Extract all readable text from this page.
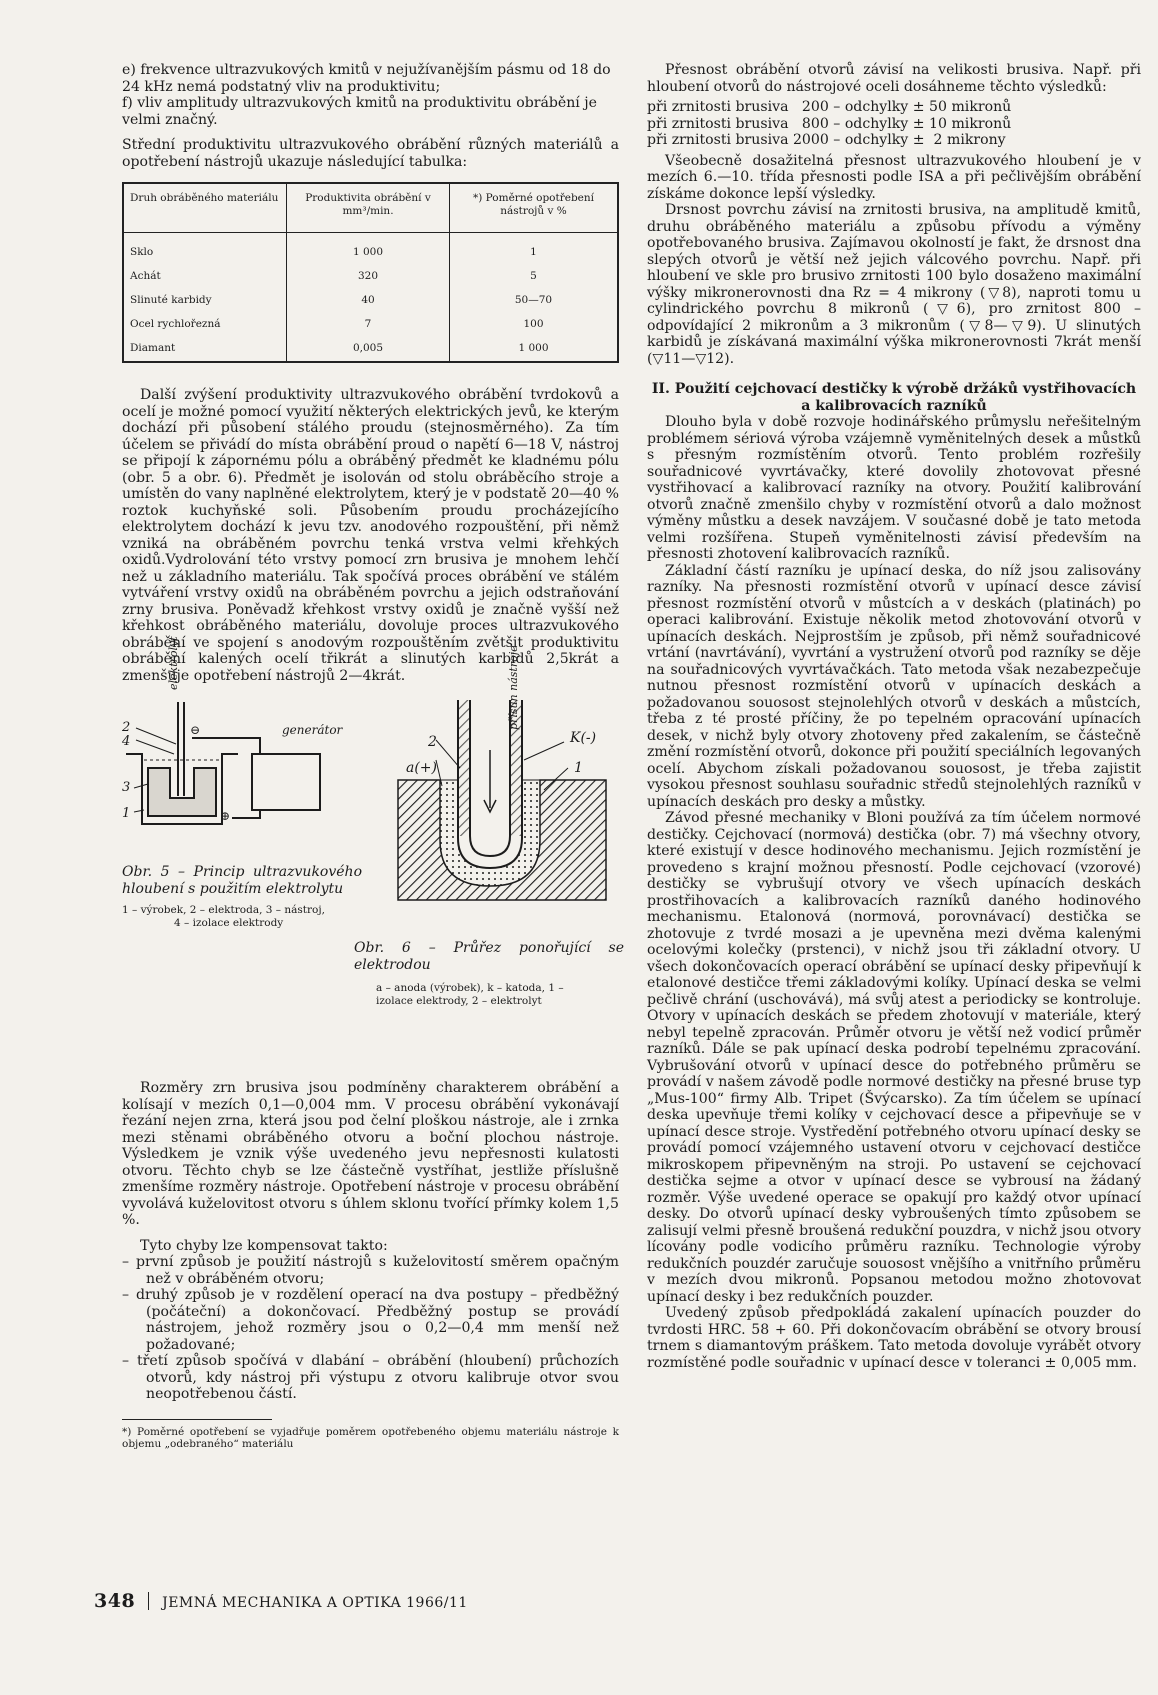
e) frekvence ultrazvukových kmitů v nejužívanějším pásmu od 18 do 24 kHz nemá podstatný vliv na produktivitu;

f) vliv amplitudy ultrazvukových kmitů na produktivitu obrábění je velmi značný.

Střední produktivitu ultrazvukového obrábění různých materiálů a opotřebení nástrojů ukazuje následující tabulka:

Druh obráběného materiálu	Produktivita obrábění v mm³/min.	*) Poměrné opotřebení nástrojů v %
Sklo	1 000	1
Achát	320	5
Slinuté karbidy	40	50—70
Ocel rychlořezná	7	100
Diamant	0,005	1 000

Další zvýšení produktivity ultrazvukového obrábění tvrdokovů a ocelí je možné pomocí využití některých elektrických jevů, ke kterým dochází při působení stálého proudu (stejnosměrného). Za tím účelem se přivádí do místa obrábění proud o napětí 6—18 V, nástroj se připojí k zápornému pólu a obráběný předmět ke kladnému pólu (obr. 5 a obr. 6). Předmět je isolován od stolu obráběcího stroje a umístěn do vany naplněné elektrolytem, který je v podstatě 20—40 % roztok kuchyňské soli. Působením proudu procházejícího elektrolytem dochází k jevu tzv. anodového rozpouštění, při němž vzniká na obráběném povrchu tenká vrstva velmi křehkých oxidů.Vydrolování této vrstvy pomocí zrn brusiva je mnohem lehčí než u základního materiálu. Tak spočívá proces obrábění ve stálém vytváření vrstvy oxidů na obráběném povrchu a jejich odstraňování zrny brusiva. Poněvadž křehkost vrstvy oxidů je značně vyšší než křehkost obráběného materiálu, dovoluje proces ultrazvukového obrábění ve spojení s anodovým rozpouštěním zvětšit produktivitu obrábění kalených ocelí třikrát a slinutých karbidů 2,5krát a zmenšuje opotřebení nástrojů 2—4krát.

elektrolyt
generátor
⊖
⊕
2
4
3
1
Obr. 5 – Princip ultrazvukového hloubení s použitím elektrolytu
1 – výrobek, 2 – elektroda, 3 – nástroj,
4 – izolace elektrody
přísun nástroje
a(+)
K(-)
2
1
Obr. 6 – Průřez ponořující se elektrodou
a – anoda (výrobek), k – katoda, 1 –
izolace elektrody, 2 – elektrolyt

Rozměry zrn brusiva jsou podmíněny charakterem obrábění a kolísají v mezích 0,1—0,004 mm. V procesu obrábění vykonávají řezání nejen zrna, která jsou pod čelní ploškou nástroje, ale i zrnka mezi stěnami obráběného otvoru a boční plochou nástroje. Výsledkem je vznik výše uvedeného jevu nepřesnosti kulatosti otvoru. Těchto chyb se lze částečně vystříhat, jestliže příslušně zmenšíme rozměry nástroje. Opotřebení nástroje v procesu obrábění vyvolává kuželovitost otvoru s úhlem sklonu tvořící přímky kolem 1,5 %.

Tyto chyby lze kompensovat takto:

– první způsob je použití nástrojů s kuželovitostí směrem opačným než v obráběném otvoru;

– druhý způsob je v rozdělení operací na dva postupy – předběžný (počáteční) a dokončovací. Předběžný postup se provádí nástrojem, jehož rozměry jsou o 0,2—0,4 mm menší než požadované;

– třetí způsob spočívá v dlabání – obrábění (hloubení) průchozích otvorů, kdy nástroj při výstupu z otvoru kalibruje otvor svou neopotřebenou částí.

*) Poměrné opotřebení se vyjadřuje poměrem opotřebeného objemu materiálu nástroje k objemu „odebraného“ materiálu

Přesnost obrábění otvorů závisí na velikosti brusiva. Např. při hloubení otvorů do nástrojové oceli dosáhneme těchto výsledků:

při zrnitosti brusiva   200 – odchylky ± 50 mikronů

při zrnitosti brusiva   800 – odchylky ± 10 mikronů

při zrnitosti brusiva 2000 – odchylky ±  2 mikrony

Všeobecně dosažitelná přesnost ultrazvukového hloubení je v mezích 6.—10. třída přesnosti podle ISA a při pečlivějším obrábění získáme dokonce lepší výsledky.

Drsnost povrchu závisí na zrnitosti brusiva, na amplitudě kmitů, druhu obráběného materiálu a způsobu přívodu a výměny opotřebovaného brusiva. Zajímavou okolností je fakt, že drsnost dna slepých otvorů je větší než jejich válcového povrchu. Např. při hloubení ve skle pro brusivo zrnitosti 100 bylo dosaženo maximální výšky mikronerovnosti dna Rz = 4 mikrony (▽8), naproti tomu u cylindrického povrchu 8 mikronů (▽6), pro zrnitost 800 – odpovídající 2 mikronům a 3 mikronům (▽8—▽9). U slinutých karbidů je získávaná maximální výška mikronerovnosti 7krát menší (▽11—▽12).

II. Použití cejchovací destičky k výrobě držáků vystřihovacích

a kalibrovacích razníků

Dlouho byla v době rozvoje hodinářského průmyslu neřešitelným problémem sériová výroba vzájemně vyměnitelných desek a můstků s přesným rozmístěním otvorů. Tento problém rozřešily souřadnicové vyvrtávačky, které dovolily zhotovovat přesné vystřihovací a kalibrovací razníky na otvory. Použití kalibrování otvorů značně zmenšilo chyby v rozmístění otvorů a dalo možnost výměny můstku a desek navzájem. V současné době je tato metoda velmi rozšířena. Stupeň vyměnitelnosti závisí především na přesnosti zhotovení kalibrovacích razníků.

Základní částí razníku je upínací deska, do níž jsou zalisovány razníky. Na přesnosti rozmístění otvorů v upínací desce závisí přesnost rozmístění otvorů v můstcích a v deskách (platinách) po operaci kalibrování. Existuje několik metod zhotovování otvorů v upínacích deskách. Nejprostším je způsob, při němž souřadnicové vrtání (navrtávání), vyvrtání a vystružení otvorů pod razníky se děje na souřadnicových vyvrtávačkách. Tato metoda však nezabezpečuje nutnou přesnost rozmístění otvorů v upínacích deskách a požadovanou souosost stejnolehlých otvorů v deskách a můstcích, třeba z té prosté příčiny, že po tepelném opracování upínacích desek, v nichž byly otvory zhotoveny před zakalením, se částečně změní rozmístění otvorů, dokonce při použití speciálních legovaných ocelí. Abychom získali požadovanou souosost, je třeba zajistit vysokou přesnost souhlasu souřadnic středů stejnolehlých razníků v upínacích deskách pro desky a můstky.

Závod přesné mechaniky v Bloni používá za tím účelem normové destičky. Cejchovací (normová) destička (obr. 7) má všechny otvory, které existují v desce hodinového mechanismu. Jejich rozmístění je provedeno s krajní možnou přesností. Podle cejchovací (vzorové) destičky se vybrušují otvory ve všech upínacích deskách prostřihovacích a kalibrovacích razníků daného hodinového mechanismu. Etalonová (normová, porovnávací) destička se zhotovuje z tvrdé mosazi a je upevněna mezi dvěma kalenými ocelovými kolečky (prstenci), v nichž jsou tři základní otvory. U všech dokončovacích operací obrábění se upínací desky připevňují k etalonové destičce třemi základovými kolíky. Upínací deska se velmi pečlivě chrání (uschovává), má svůj atest a periodicky se kontroluje. Otvory v upínacích deskách se předem zhotovují v materiále, který nebyl tepelně zpracován. Průměr otvoru je větší než vodicí průměr razníků. Dále se pak upínací deska podrobí tepelnému zpracování. Vybrušování otvorů v upínací desce do potřebného průměru se provádí v našem závodě podle normové destičky na přesné bruse typ „Mus-100“ firmy Alb. Tripet (Švýcarsko). Za tím účelem se upínací deska upevňuje třemi kolíky v cejchovací desce a připevňuje se v upínací desce stroje. Vystředění potřebného otvoru upínací desky se provádí pomocí vzájemného ustavení otvoru v cejchovací destičce mikroskopem připevněným na stroji. Po ustavení se cejchovací destička sejme a otvor v upínací desce se vybrousí na žádaný rozměr. Výše uvedené operace se opakují pro každý otvor upínací desky. Do otvorů upínací desky vybroušených tímto způsobem se zalisují velmi přesně broušená redukční pouzdra, v nichž jsou otvory lícovány podle vodicího průměru razníku. Technologie výroby redukčních pouzdér zaručuje souosost vnějšího a vnitřního průměru v mezích dvou mikronů. Popsanou metodou možno zhotovovat upínací desky i bez redukčních pouzder.

Uvedený způsob předpokládá zakalení upínacích pouzder do tvrdosti HRC. 58 + 60. Při dokončovacím obrábění se otvory brousí trnem s diamantovým práškem. Tato metoda dovoluje vyrábět otvory rozmístěné podle souřadnic v upínací desce v toleranci ± 0,005 mm.

348 JEMNÁ MECHANIKA A OPTIKA 1966/11
